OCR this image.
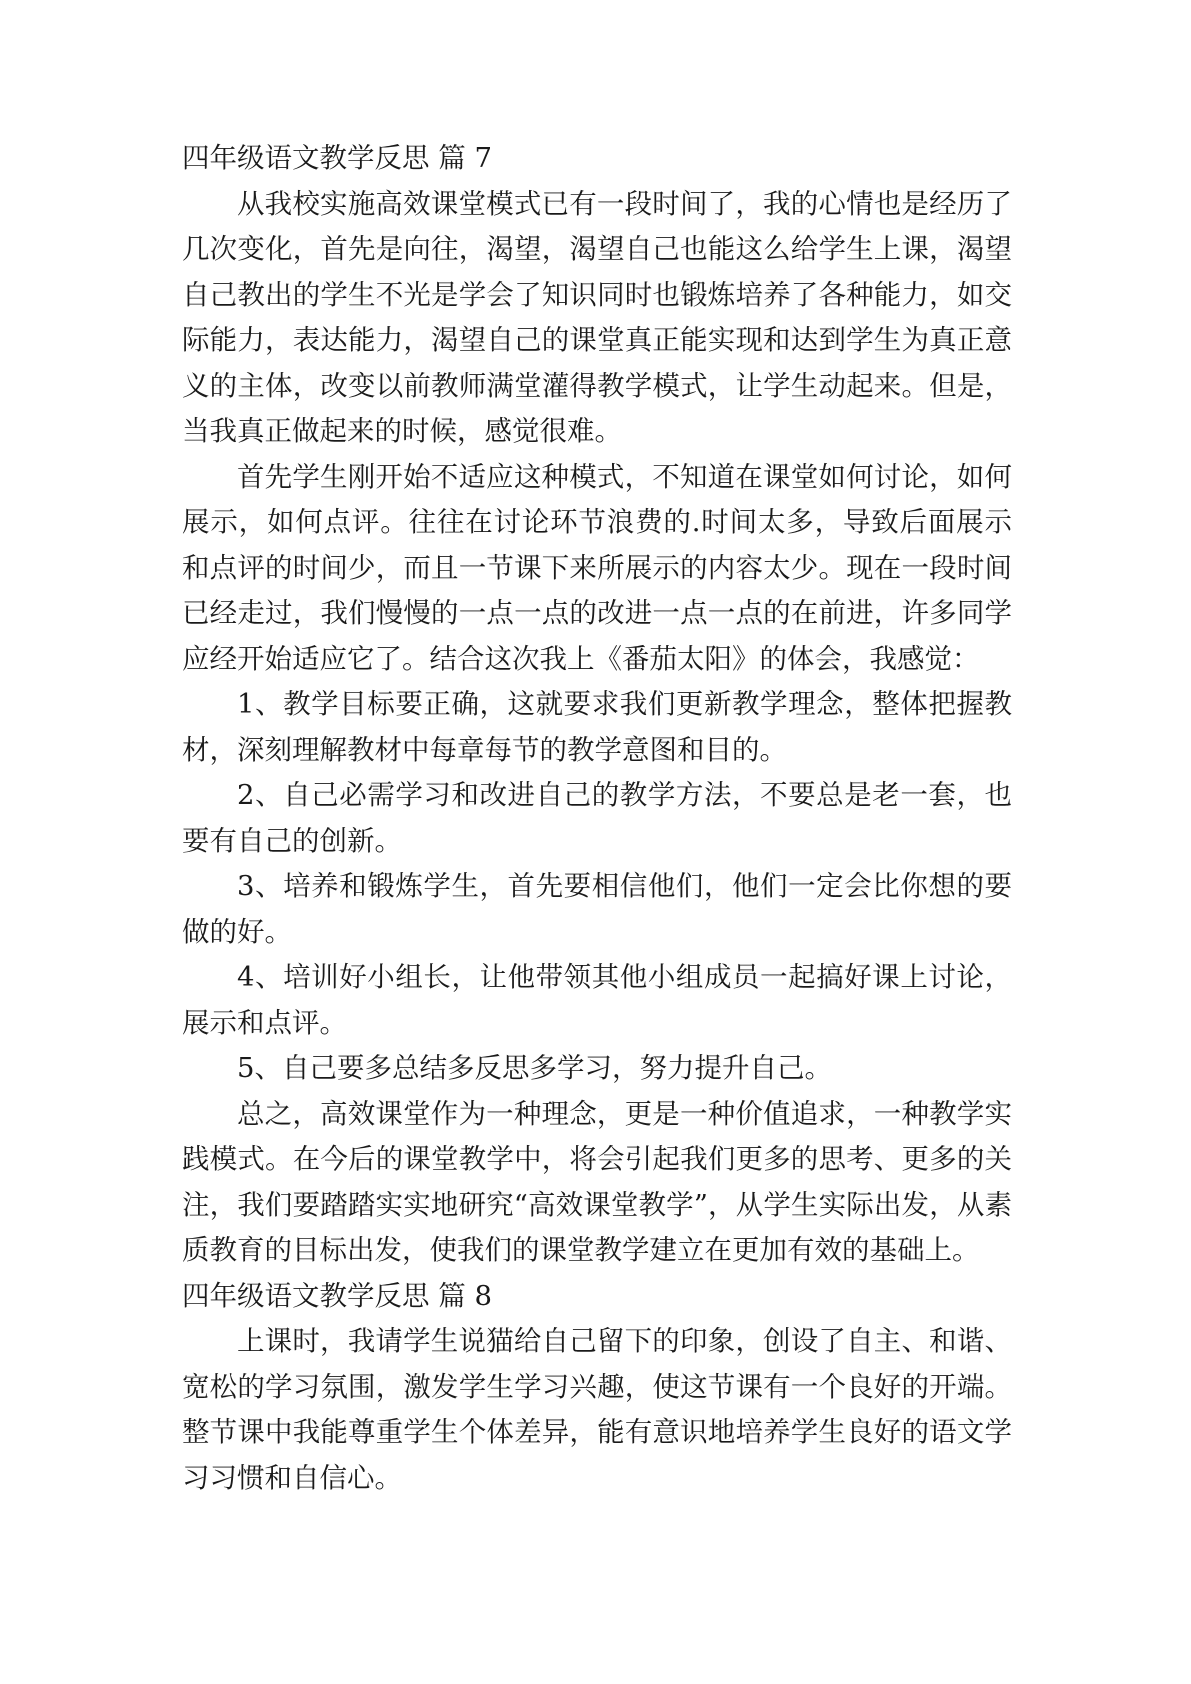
四年级语文教学反思 篇 7

从我校实施高效课堂模式已有一段时间了，我的心情也是经历了几次变化，首先是向往，渴望，渴望自己也能这么给学生上课，渴望自己教出的学生不光是学会了知识同时也锻炼培养了各种能力，如交际能力，表达能力，渴望自己的课堂真正能实现和达到学生为真正意义的主体，改变以前教师满堂灌得教学模式，让学生动起来。但是，当我真正做起来的时候，感觉很难。

首先学生刚开始不适应这种模式，不知道在课堂如何讨论，如何展示，如何点评。往往在讨论环节浪费的.时间太多，导致后面展示和点评的时间少，而且一节课下来所展示的内容太少。现在一段时间已经走过，我们慢慢的一点一点的改进一点一点的在前进，许多同学应经开始适应它了。结合这次我上《番茄太阳》的体会，我感觉：

1、教学目标要正确，这就要求我们更新教学理念，整体把握教材，深刻理解教材中每章每节的教学意图和目的。

2、自己必需学习和改进自己的教学方法，不要总是老一套，也要有自己的创新。

3、培养和锻炼学生，首先要相信他们，他们一定会比你想的要做的好。

4、培训好小组长，让他带领其他小组成员一起搞好课上讨论，展示和点评。

5、自己要多总结多反思多学习，努力提升自己。

总之，高效课堂作为一种理念，更是一种价值追求，一种教学实践模式。在今后的课堂教学中，将会引起我们更多的思考、更多的关注，我们要踏踏实实地研究“高效课堂教学”，从学生实际出发，从素质教育的目标出发，使我们的课堂教学建立在更加有效的基础上。

四年级语文教学反思 篇 8

上课时，我请学生说猫给自己留下的印象，创设了自主、和谐、宽松的学习氛围，激发学生学习兴趣，使这节课有一个良好的开端。整节课中我能尊重学生个体差异，能有意识地培养学生良好的语文学习习惯和自信心。
